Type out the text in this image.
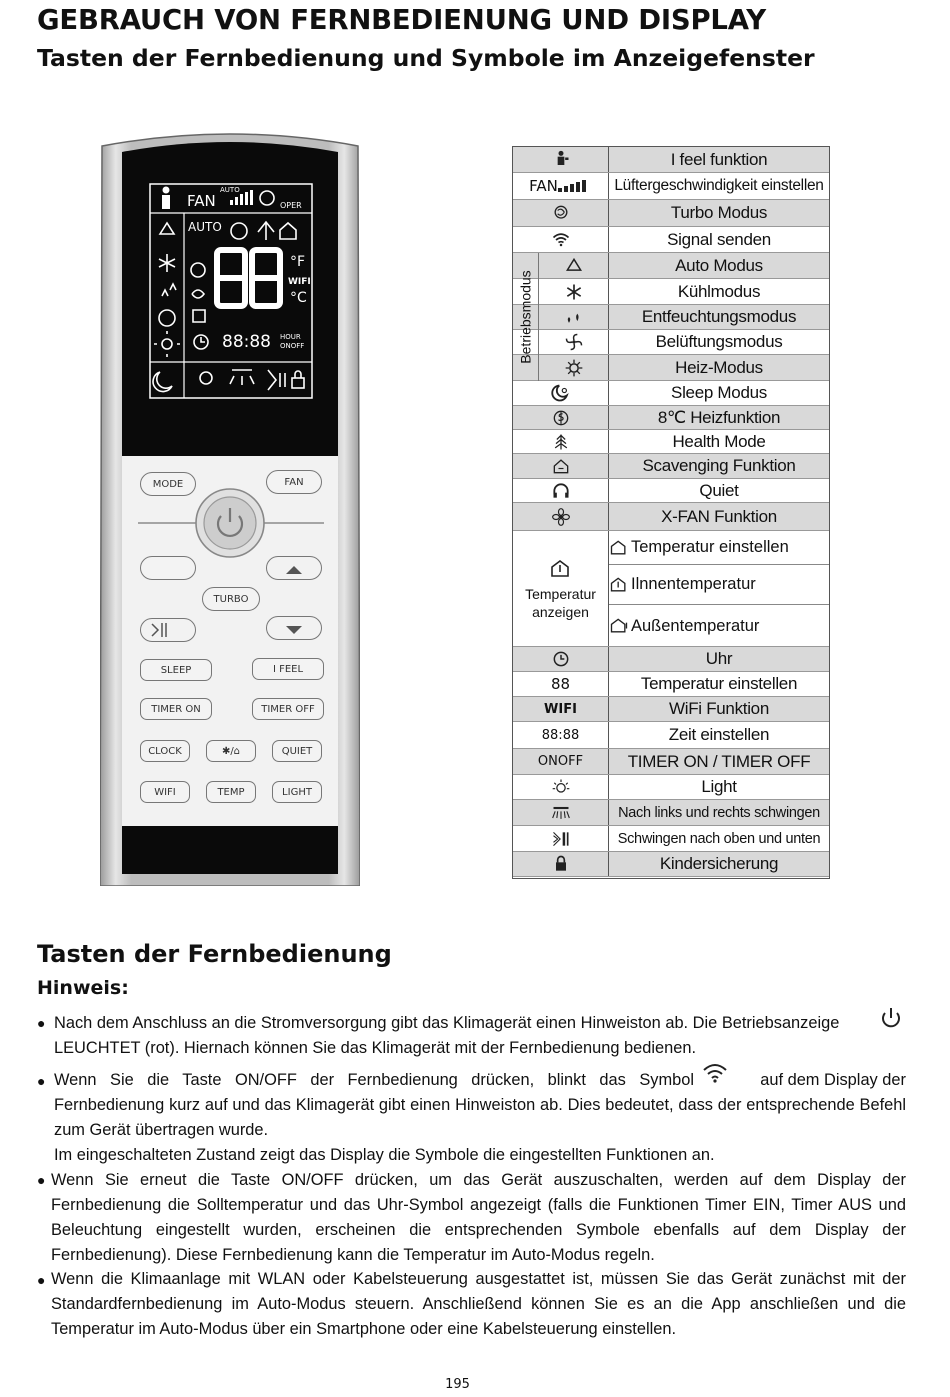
GEBRAUCH VON FERNBEDIENUNG UND DISPLAY
Tasten der Fernbedienung und Symbole im Anzeigefenster
FAN
AUTO
OPER
AUTO
°F
WIFI
°C
88:88 HOUR
ONOFF
MODE	FAN
TURBO
SLEEP	I FEEL
TIMER ON	TIMER OFF
CLOCK	✱/⌂	QUIET
WIFI	TEMP	LIGHT
I feel funktion
FAN	Lüftergeschwindigkeit einstellen
Turbo Modus
Signal senden
Auto Modus
Kühlmodus
Entfeuchtungsmodus
Belüftungsmodus
Heiz-Modus
Sleep Modus
8℃ Heizfunktion
Health Mode
Scavenging Funktion
Quiet
X-FAN Funktion
Uhr
88	Temperatur einstellen
WIFI	WiFi Funktion
88:88	Zeit einstellen
ONOFF	TIMER ON / TIMER OFF
Light
Nach links und rechts schwingen
Schwingen nach oben und unten
Kindersicherung
Betriebsmodus
Temperatur anzeigen
Temperatur einstellen
Ilnnentemperatur
Außentemperatur
Tasten der Fernbedienung
Hinweis:
● Nach dem Anschluss an die Stromversorgung gibt das Klimagerät einen Hinweiston ab. Die Betriebsanzeige
LEUCHTET (rot). Hiernach können Sie das Klimagerät mit der Fernbedienung bedienen.
● Wenn Sie die Taste ON/OFF der Fernbedienung drücken, blinkt das Symbol	auf dem Display der
Fernbedienung kurz auf und das Klimagerät gibt einen Hinweiston ab. Dies bedeutet, dass der entsprechende Befehl zum Gerät übertragen wurde.
Im eingeschalteten Zustand zeigt das Display die Symbole die eingestellten Funktionen an.
● Wenn Sie erneut die Taste ON/OFF drücken, um das Gerät auszuschalten, werden auf dem Display der Fernbedienung die Solltemperatur und das Uhr-Symbol angezeigt (falls die Funktionen Timer EIN, Timer AUS und Beleuchtung eingestellt wurden, erscheinen die entsprechenden Symbole ebenfalls auf dem Display der Fernbedienung). Diese Fernbedienung kann die Temperatur im Auto-Modus regeln.
● Wenn die Klimaanlage mit WLAN oder Kabelsteuerung ausgestattet ist, müssen Sie das Gerät zunächst mit der Standardfernbedienung im Auto-Modus steuern. Anschließend können Sie es an die App anschließen und die Temperatur im Auto-Modus über ein Smartphone oder eine Kabelsteuerung einstellen.
195
